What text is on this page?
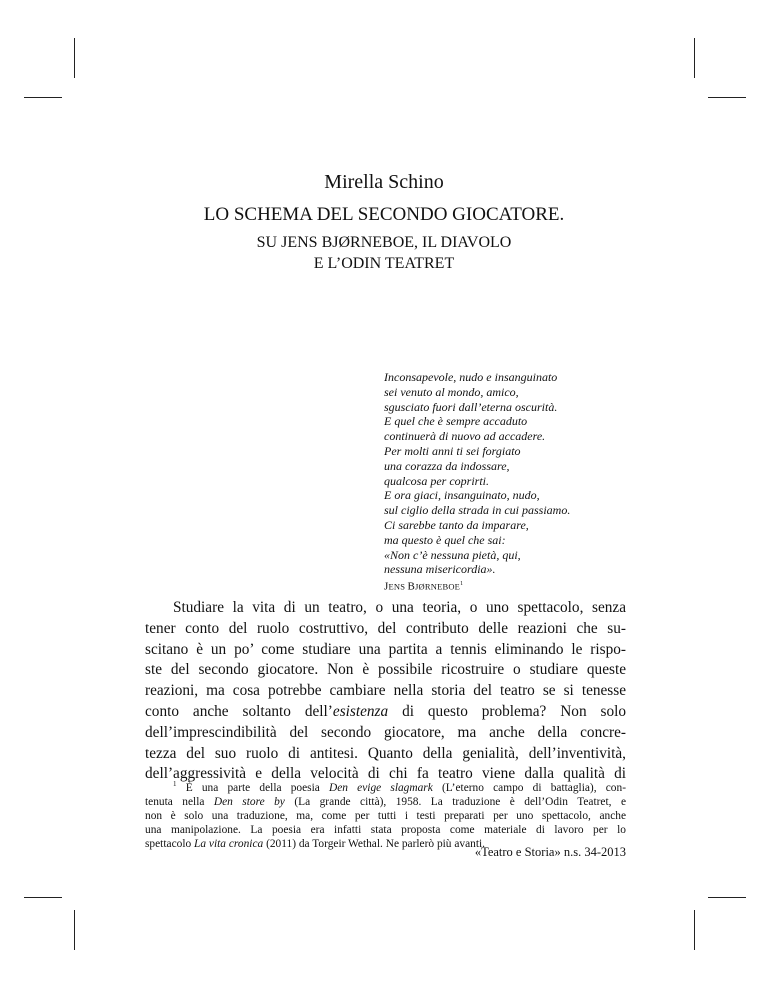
Mirella Schino
LO SCHEMA DEL SECONDO GIOCATORE.
SU JENS BJØRNEBOE, IL DIAVOLO
E L’ODIN TEATRET
Inconsapevole, nudo e insanguinato
sei venuto al mondo, amico,
sgusciato fuori dall’eterna oscurità.
E quel che è sempre accaduto
continuerà di nuovo ad accadere.
Per molti anni ti sei forgiato
una corazza da indossare,
qualcosa per coprirti.
E ora giaci, insanguinato, nudo,
sul ciglio della strada in cui passiamo.
Ci sarebbe tanto da imparare,
ma questo è quel che sai:
«Non c’è nessuna pietà, qui,
nessuna misericordia».
JENS BJØRNEBOE$^1$
Studiare la vita di un teatro, o una teoria, o uno spettacolo, senza
tener conto del ruolo costruttivo, del contributo delle reazioni che su-
scitano è un po’ come studiare una partita a tennis eliminando le rispo-
ste del secondo giocatore. Non è possibile ricostruire o studiare queste
reazioni, ma cosa potrebbe cambiare nella storia del teatro se si tenesse
conto anche soltanto dell’esistenza di questo problema? Non solo
dell’imprescindibilità del secondo giocatore, ma anche della concre-
tezza del suo ruolo di antitesi. Quanto della genialità, dell’inventività,
dell’aggressività e della velocità di chi fa teatro viene dalla qualità di
$^1$ È una parte della poesia Den evige slagmark (L’eterno campo di battaglia), con-
tenuta nella Den store by (La grande città), 1958. La traduzione è dell’Odin Teatret, e
non è solo una traduzione, ma, come per tutti i testi preparati per uno spettacolo, anche
una manipolazione. La poesia era infatti stata proposta come materiale di lavoro per lo
spettacolo La vita cronica (2011) da Torgeir Wethal. Ne parlerò più avanti.
«Teatro e Storia» n.s. 34-2013
